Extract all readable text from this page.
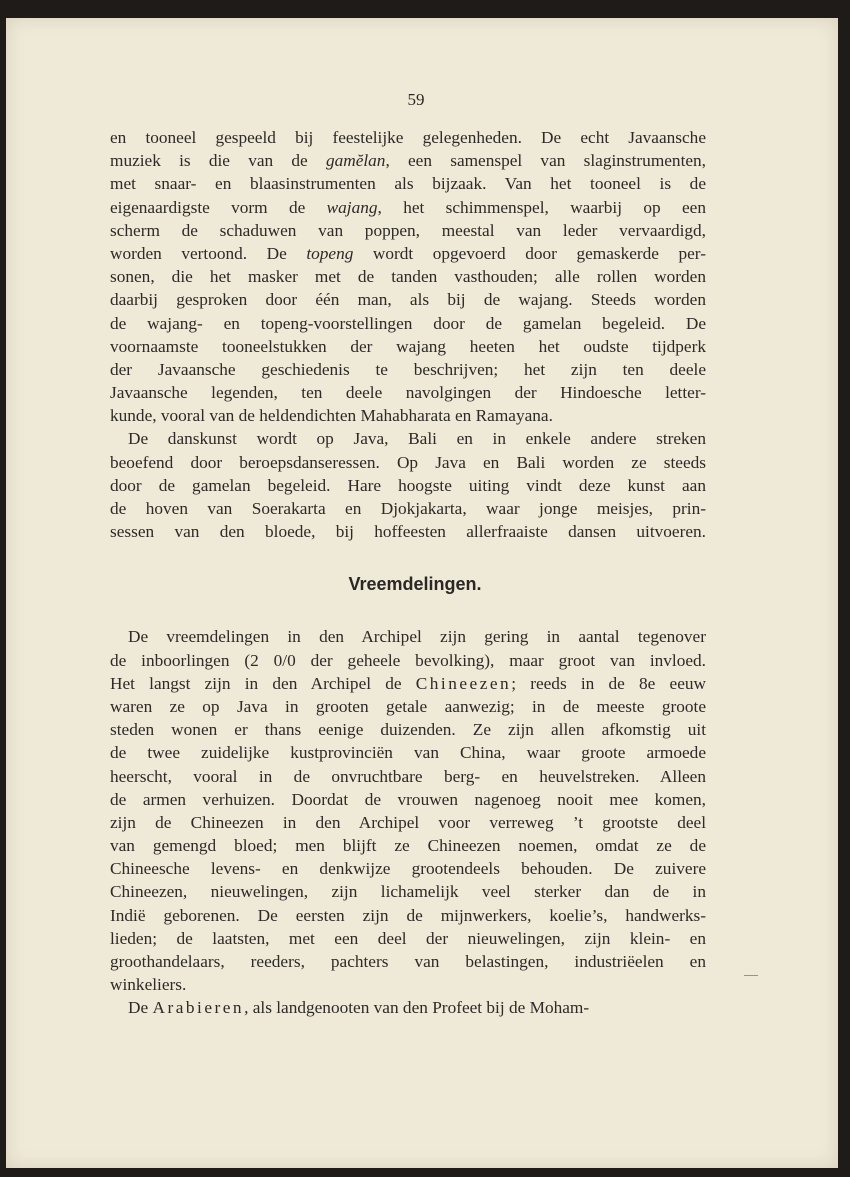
59
en tooneel gespeeld bij feestelijke gelegenheden. De echt Javaansche
muziek is die van de gamĕlan, een samenspel van slaginstrumenten,
met snaar- en blaasinstrumenten als bijzaak. Van het tooneel is de
eigenaardigste vorm de wajang, het schimmenspel, waarbij op een
scherm de schaduwen van poppen, meestal van leder vervaardigd,
worden vertoond. De topeng wordt opgevoerd door gemaskerde per-
sonen, die het masker met de tanden vasthouden; alle rollen worden
daarbij gesproken door één man, als bij de wajang. Steeds worden
de wajang- en topeng-voorstellingen door de gamelan begeleid. De
voornaamste tooneelstukken der wajang heeten het oudste tijdperk
der Javaansche geschiedenis te beschrijven; het zijn ten deele
Javaansche legenden, ten deele navolgingen der Hindoesche letter-
kunde, vooral van de heldendichten Mahabharata en Ramayana.
De danskunst wordt op Java, Bali en in enkele andere streken
beoefend door beroepsdanseressen. Op Java en Bali worden ze steeds
door de gamelan begeleid. Hare hoogste uiting vindt deze kunst aan
de hoven van Soerakarta en Djokjakarta, waar jonge meisjes, prin-
sessen van den bloede, bij hoffeesten allerfraaiste dansen uitvoeren.
Vreemdelingen.
De vreemdelingen in den Archipel zijn gering in aantal tegenover
de inboorlingen (2 0/0 der geheele bevolking), maar groot van invloed.
Het langst zijn in den Archipel de Chineezen; reeds in de 8e eeuw
waren ze op Java in grooten getale aanwezig; in de meeste groote
steden wonen er thans eenige duizenden. Ze zijn allen afkomstig uit
de twee zuidelijke kustprovinciën van China, waar groote armoede
heerscht, vooral in de onvruchtbare berg- en heuvelstreken. Alleen
de armen verhuizen. Doordat de vrouwen nagenoeg nooit mee komen,
zijn de Chineezen in den Archipel voor verreweg ’t grootste deel
van gemengd bloed; men blijft ze Chineezen noemen, omdat ze de
Chineesche levens- en denkwijze grootendeels behouden. De zuivere
Chineezen, nieuwelingen, zijn lichamelijk veel sterker dan de in
Indië geborenen. De eersten zijn de mijnwerkers, koelie’s, handwerks-
lieden; de laatsten, met een deel der nieuwelingen, zijn klein- en
groothandelaars, reeders, pachters van belastingen, industriëelen en
winkeliers.
De Arabieren, als landgenooten van den Profeet bij de Moham-
